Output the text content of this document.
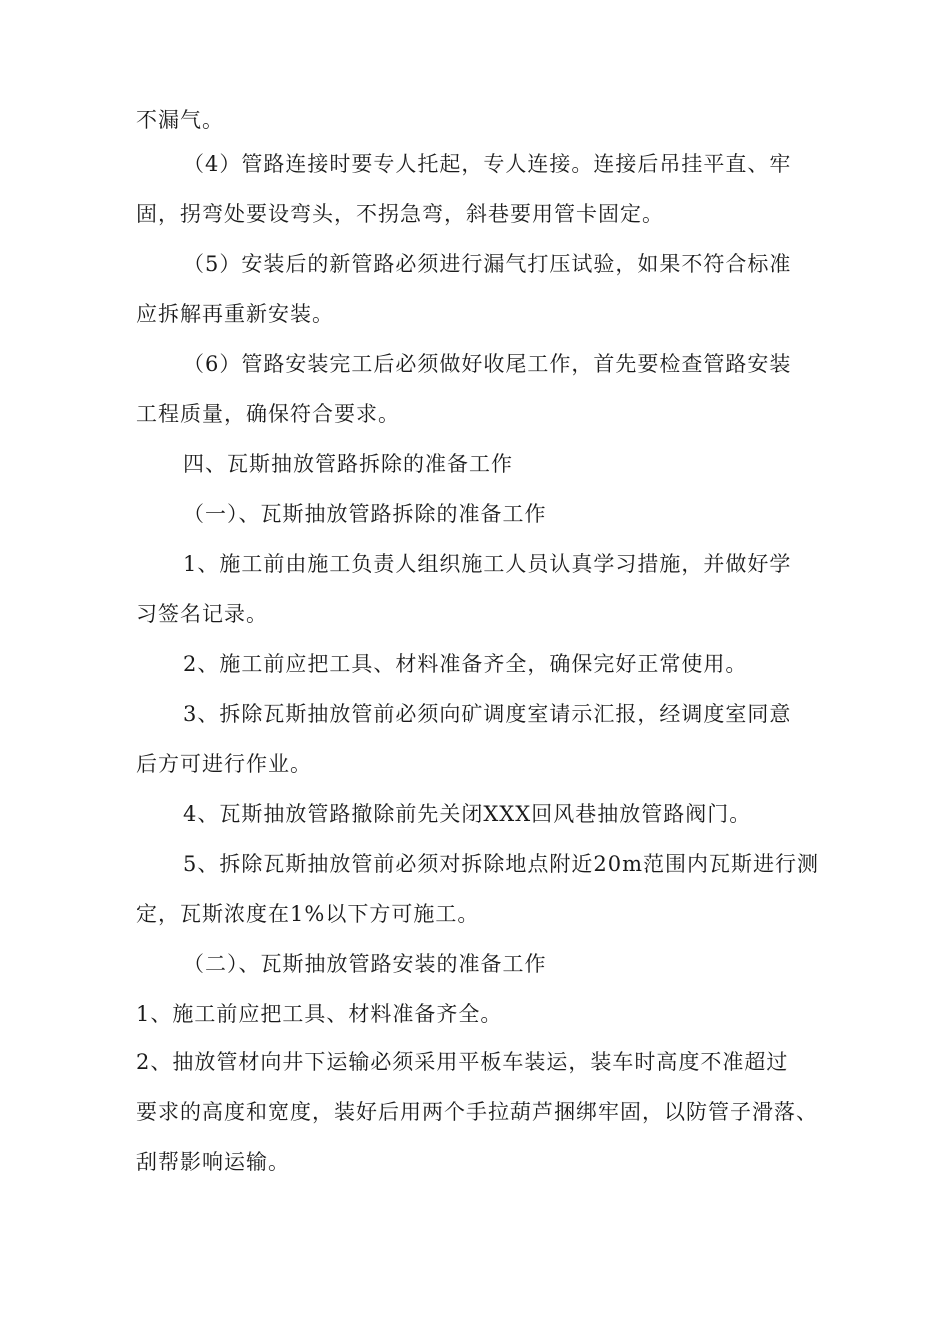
不漏气。
（4）管路连接时要专人托起，专人连接。连接后吊挂平直、牢
固，拐弯处要设弯头，不拐急弯，斜巷要用管卡固定。
（5）安装后的新管路必须进行漏气打压试验，如果不符合标准
应拆解再重新安装。
（6）管路安装完工后必须做好收尾工作，首先要检查管路安装
工程质量，确保符合要求。
四、瓦斯抽放管路拆除的准备工作
（一）、瓦斯抽放管路拆除的准备工作
1、施工前由施工负责人组织施工人员认真学习措施，并做好学
习签名记录。
2、施工前应把工具、材料准备齐全，确保完好正常使用。
3、拆除瓦斯抽放管前必须向矿调度室请示汇报，经调度室同意
后方可进行作业。
4、瓦斯抽放管路撤除前先关闭XXX回风巷抽放管路阀门。
5、拆除瓦斯抽放管前必须对拆除地点附近20m范围内瓦斯进行测
定，瓦斯浓度在1%以下方可施工。
（二）、瓦斯抽放管路安装的准备工作
1、施工前应把工具、材料准备齐全。
2、抽放管材向井下运输必须采用平板车装运，装车时高度不准超过
要求的高度和宽度，装好后用两个手拉葫芦捆绑牢固，以防管子滑落、
刮帮影响运输。
